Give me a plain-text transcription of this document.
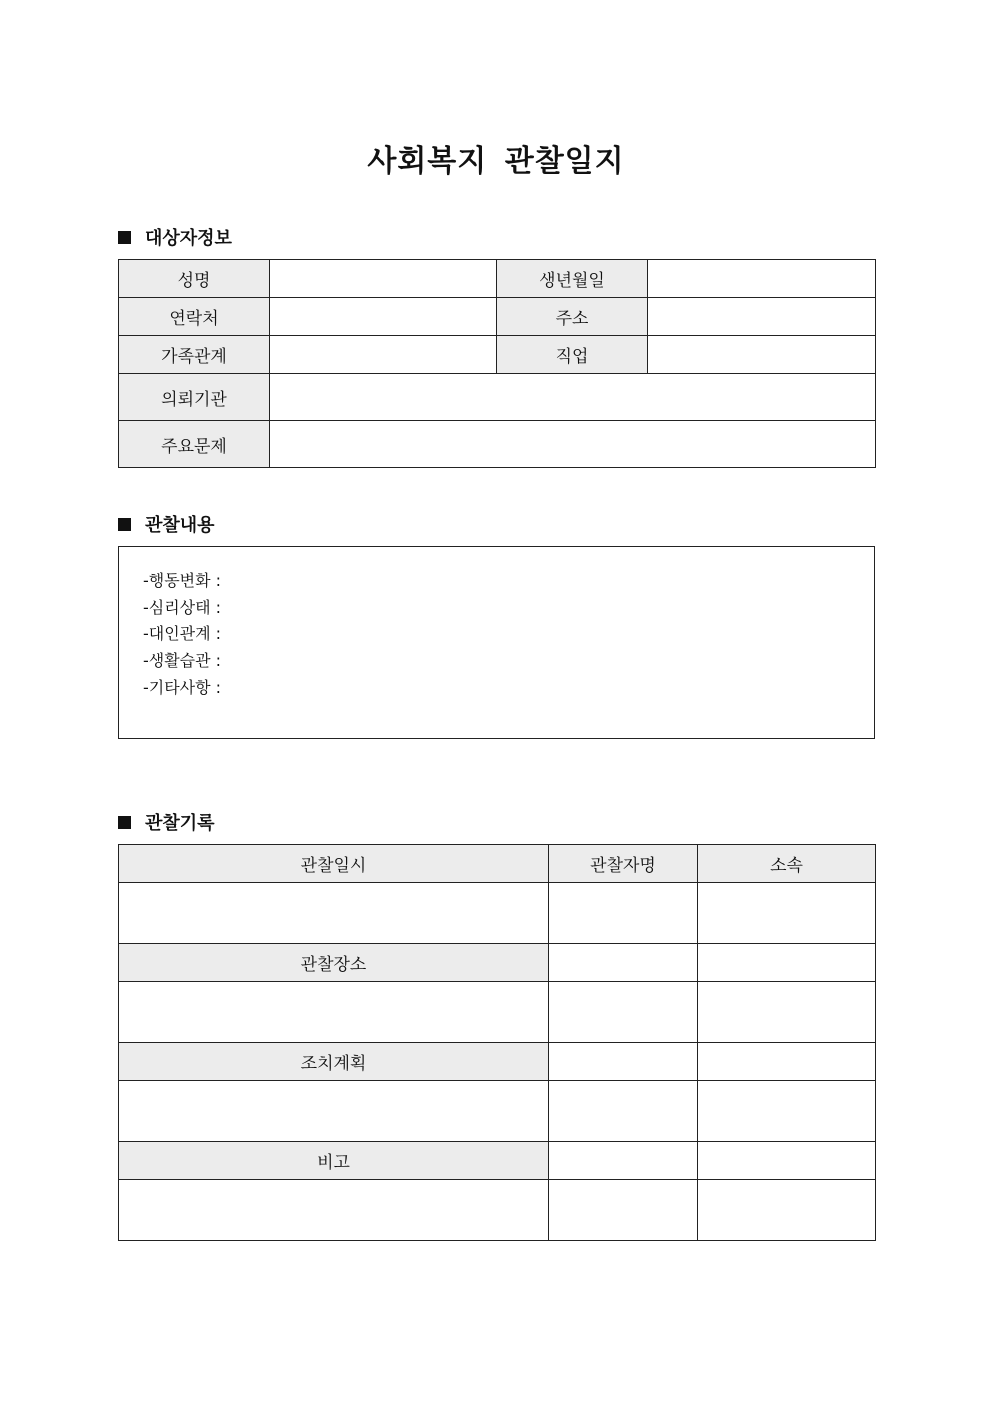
사회복지 관찰일지
대상자정보
성명		생년월일	
연락처		주소	
가족관계		직업	
의뢰기관			
주요문제			
관찰내용
-행동변화 :
-심리상태 :
-대인관계 :
-생활습관 :
-기타사항 :
관찰기록
관찰일시	관찰자명	소속

관찰장소		

조치계획		

비고		
